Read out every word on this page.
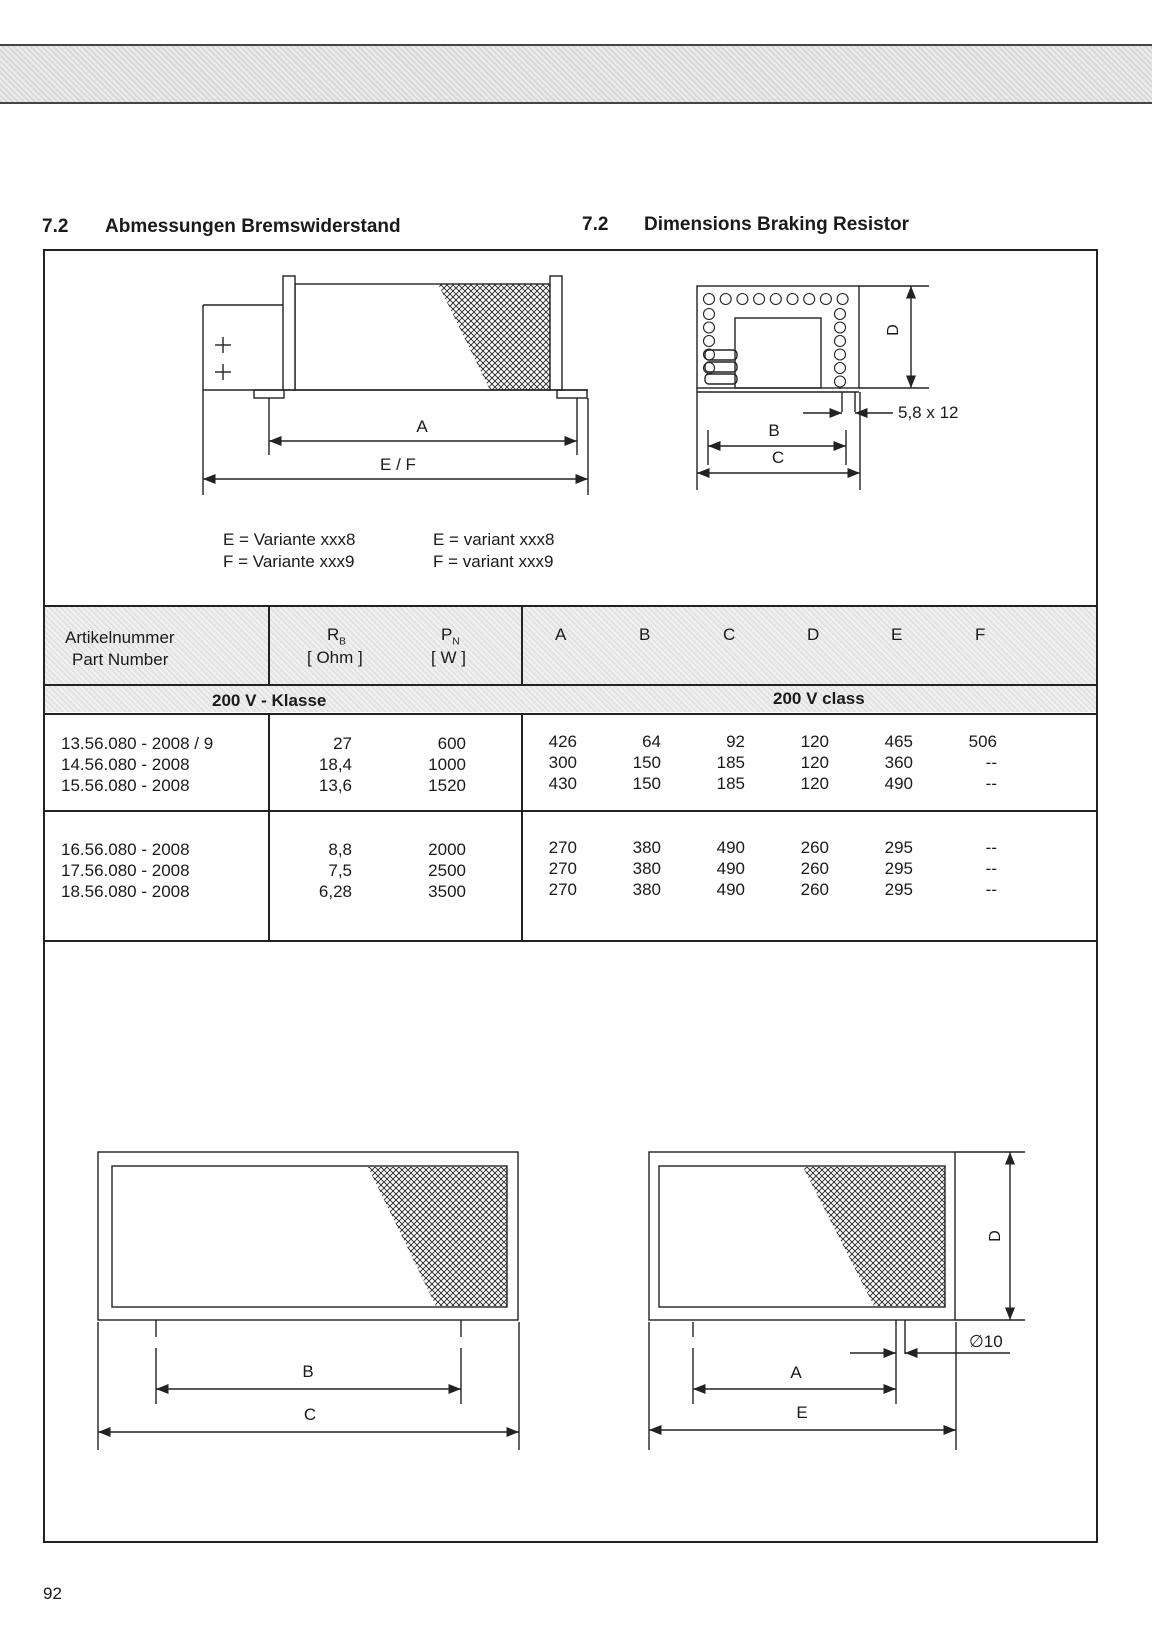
7.2 Abmessungen Bremswiderstand	7.2 Dimensions Braking Resistor
A
E / F
D
5,8 x 12
B
C
E = Variante xxx8
F = Variante xxx9
E = variant xxx8
F = variant xxx9
Artikelnummer
Part Number
$R_B$
[ Ohm ]
$P_N$
[ W ]
A	B	C	D	E	F
200 V - Klasse	200 V class
13.56.080 - 2008 / 9	27	600	426	64	92	120	465	506
14.56.080 - 2008	18,4	1000	300	150	185	120	360	--
15.56.080 - 2008	13,6	1520	430	150	185	120	490	--
16.56.080 - 2008	8,8	2000	270	380	490	260	295	--
17.56.080 - 2008	7,5	2500	270	380	490	260	295	--
18.56.080 - 2008	6,28	3500	270	380	490	260	295	--
B
C
D
∅10
A
E
92
